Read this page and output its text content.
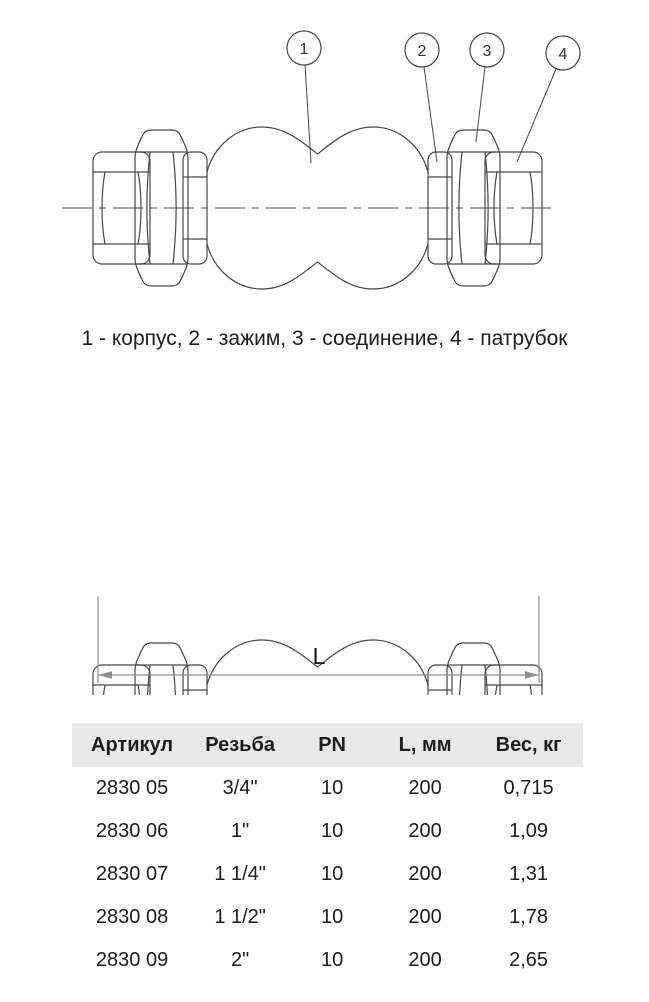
1	2	3	4
1 - корпус, 2 - зажим, 3 - соединение, 4 - патрубок
L
Артикул	Резьба	PN	L, мм	Вес, кг
2830 05	3/4"	10	200	0,715
2830 06	1"	10	200	1,09
2830 07	1 1/4"	10	200	1,31
2830 08	1 1/2"	10	200	1,78
2830 09	2"	10	200	2,65
